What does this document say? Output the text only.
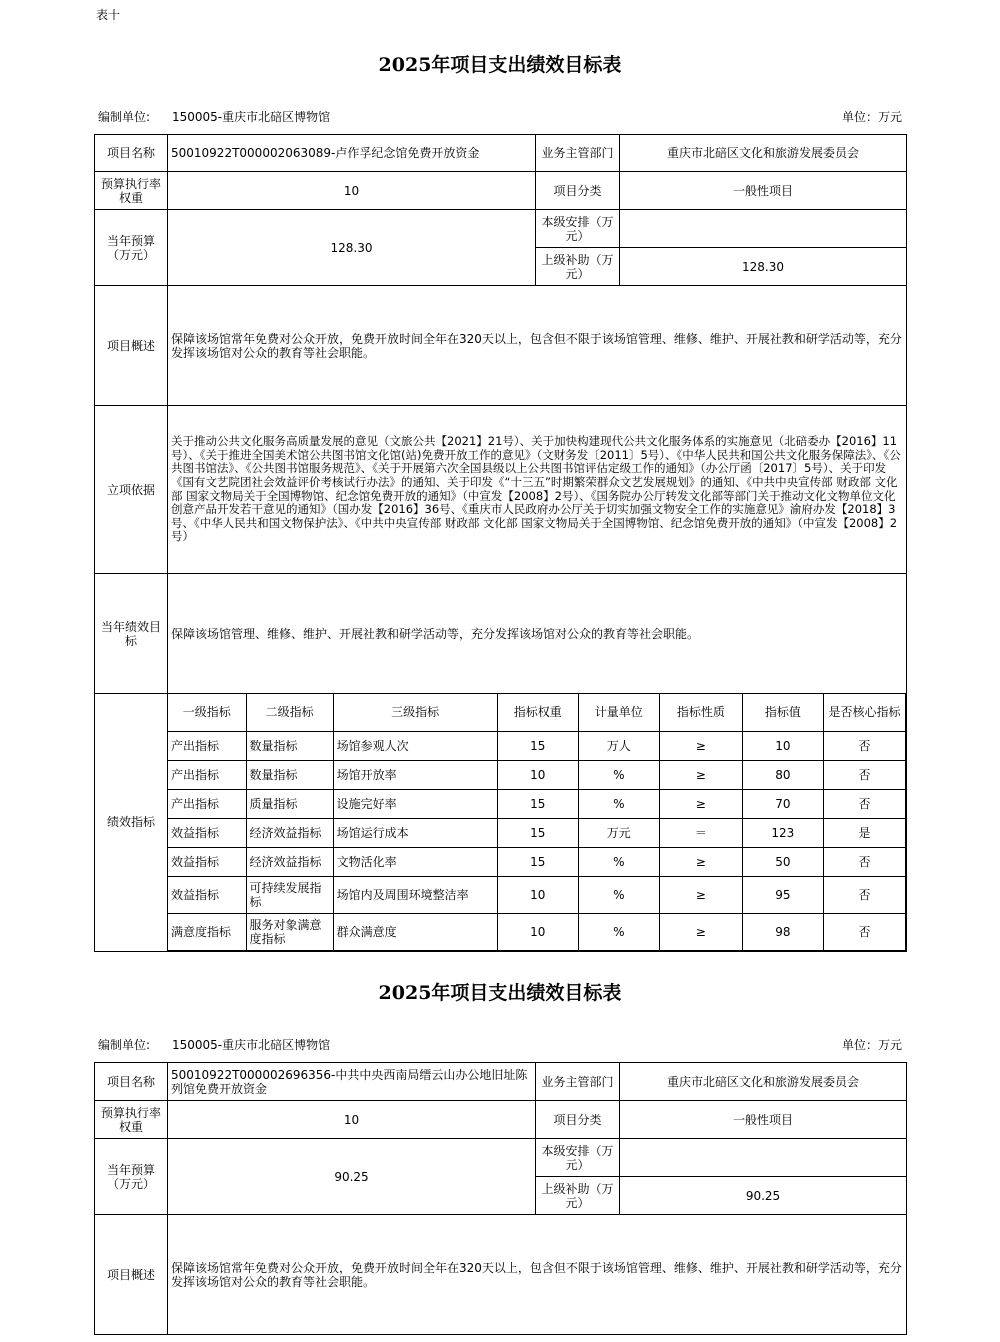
表十
2025年项目支出绩效目标表
编制单位: 150005-重庆市北碚区博物馆	单位：万元
项目名称	50010922T000002063089-卢作孚纪念馆免费开放资金	业务主管部门	重庆市北碚区文化和旅游发展委员会
预算执行率权重	10	项目分类	一般性项目
当年预算（万元）	128.30	本级安排（万元）	
上级补助（万元）	128.30
项目概述	保障该场馆常年免费对公众开放，免费开放时间全年在320天以上，包含但不限于该场馆管理、维修、维护、开展社教和研学活动等，充分发挥该场馆对公众的教育等社会职能。
立项依据	关于推动公共文化服务高质量发展的意见（文旅公共【2021】21号）、关于加快构建现代公共文化服务体系的实施意见（北碚委办【2016】11号）、《关于推进全国美术馆公共图书馆文化馆(站)免费开放工作的意见》（文财务发〔2011〕5号）、《中华人民共和国公共文化服务保障法》、《公共图书馆法》、《公共图书馆服务规范》、《关于开展第六次全国县级以上公共图书馆评估定级工作的通知》（办公厅函〔2017〕5号）、关于印发《国有文艺院团社会效益评价考核试行办法》的通知、关于印发《“十三五”时期繁荣群众文艺发展规划》的通知、《中共中央宣传部 财政部 文化部 国家文物局关于全国博物馆、纪念馆免费开放的通知》（中宣发【2008】2号）、《国务院办公厅转发文化部等部门关于推动文化文物单位文化创意产品开发若干意见的通知》（国办发【2016】36号、《重庆市人民政府办公厅关于切实加强文物安全工作的实施意见》渝府办发【2018】3号、《中华人民共和国文物保护法》、《中共中央宣传部 财政部 文化部 国家文物局关于全国博物馆、纪念馆免费开放的通知》（中宣发【2008】2号）
当年绩效目标	保障该场馆管理、维修、维护、开展社教和研学活动等，充分发挥该场馆对公众的教育等社会职能。
绩效指标	
一级指标	二级指标	三级指标	指标权重	计量单位	指标性质	指标值	是否核心指标
产出指标	数量指标	场馆参观人次	15	万人	≥	10	否
产出指标	数量指标	场馆开放率	10	%	≥	80	否
产出指标	质量指标	设施完好率	15	%	≥	70	否
效益指标	经济效益指标	场馆运行成本	15	万元	＝	123	是
效益指标	经济效益指标	文物活化率	15	%	≥	50	否
效益指标	可持续发展指标	场馆内及周围环境整洁率	10	%	≥	95	否
满意度指标	服务对象满意度指标	群众满意度	10	%	≥	98	否
2025年项目支出绩效目标表
编制单位: 150005-重庆市北碚区博物馆	单位：万元
项目名称	50010922T000002696356-中共中央西南局缙云山办公地旧址陈列馆免费开放资金	业务主管部门	重庆市北碚区文化和旅游发展委员会
预算执行率权重	10	项目分类	一般性项目
当年预算（万元）	90.25	本级安排（万元）	
		上级补助（万元）	90.25
项目概述	保障该场馆常年免费对公众开放，免费开放时间全年在320天以上，包含但不限于该场馆管理、维修、维护、开展社教和研学活动等，充分发挥该场馆对公众的教育等社会职能。		
